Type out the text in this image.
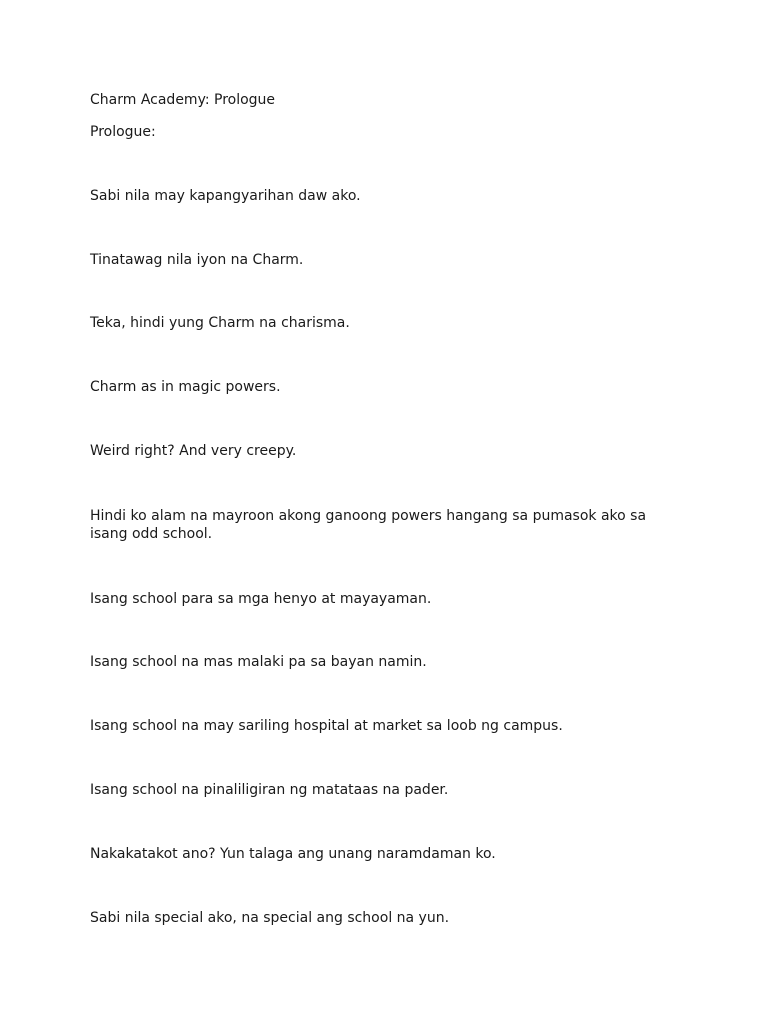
Charm Academy: Prologue
Prologue:
Sabi nila may kapangyarihan daw ako.
Tinatawag nila iyon na Charm.
Teka, hindi yung Charm na charisma.
Charm as in magic powers.
Weird right? And very creepy.
Hindi ko alam na mayroon akong ganoong powers hangang sa pumasok ako sa isang odd school.
Isang school para sa mga henyo at mayayaman.
Isang school na mas malaki pa sa bayan namin.
Isang school na may sariling hospital at market sa loob ng campus.
Isang school na pinaliligiran ng matataas na pader.
Nakakatakot ano? Yun talaga ang unang naramdaman ko.
Sabi nila special ako, na special ang school na yun.
